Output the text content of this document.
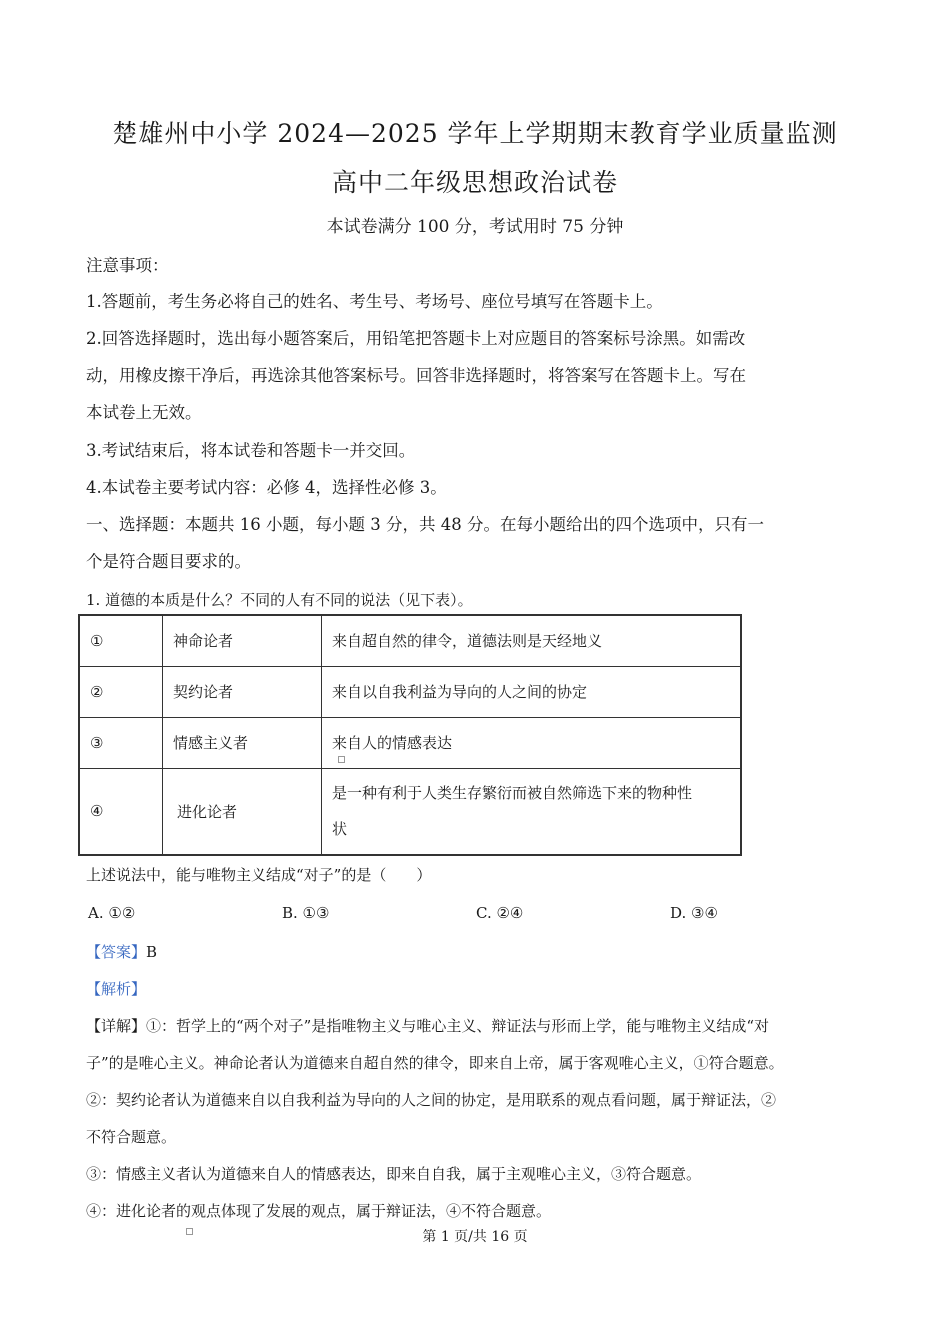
楚雄州中小学 2024—2025 学年上学期期末教育学业质量监测
高中二年级思想政治试卷
本试卷满分 100 分，考试用时 75 分钟
注意事项：
1.答题前，考生务必将自己的姓名、考生号、考场号、座位号填写在答题卡上。
2.回答选择题时，选出每小题答案后，用铅笔把答题卡上对应题目的答案标号涂黑。如需改
动，用橡皮擦干净后，再选涂其他答案标号。回答非选择题时，将答案写在答题卡上。写在
本试卷上无效。
3.考试结束后，将本试卷和答题卡一并交回。
4.本试卷主要考试内容：必修 4，选择性必修 3。
一、选择题：本题共 16 小题，每小题 3 分，共 48 分。在每小题给出的四个选项中，只有一
个是符合题目要求的。
1. 道德的本质是什么？不同的人有不同的说法（见下表）。
①	神命论者	来自超自然的律令，道德法则是天经地义
②	契约论者	来自以自我利益为导向的人之间的协定
③	情感主义者	来自人的情感表达
④	进化论者	是一种有利于人类生存繁衍而被自然筛选下来的物种性
状
上述说法中，能与唯物主义结成“对子”的是（　　）
A. ①②	B. ①③	C. ②④	D. ③④
【答案】B
【解析】
【详解】①：哲学上的“两个对子”是指唯物主义与唯心主义、辩证法与形而上学，能与唯物主义结成“对
子”的是唯心主义。神命论者认为道德来自超自然的律令，即来自上帝，属于客观唯心主义，①符合题意。
②：契约论者认为道德来自以自我利益为导向的人之间的协定，是用联系的观点看问题，属于辩证法，②
不符合题意。
③：情感主义者认为道德来自人的情感表达，即来自自我，属于主观唯心主义，③符合题意。
④：进化论者的观点体现了发展的观点，属于辩证法，④不符合题意。
第 1 页/共 16 页
